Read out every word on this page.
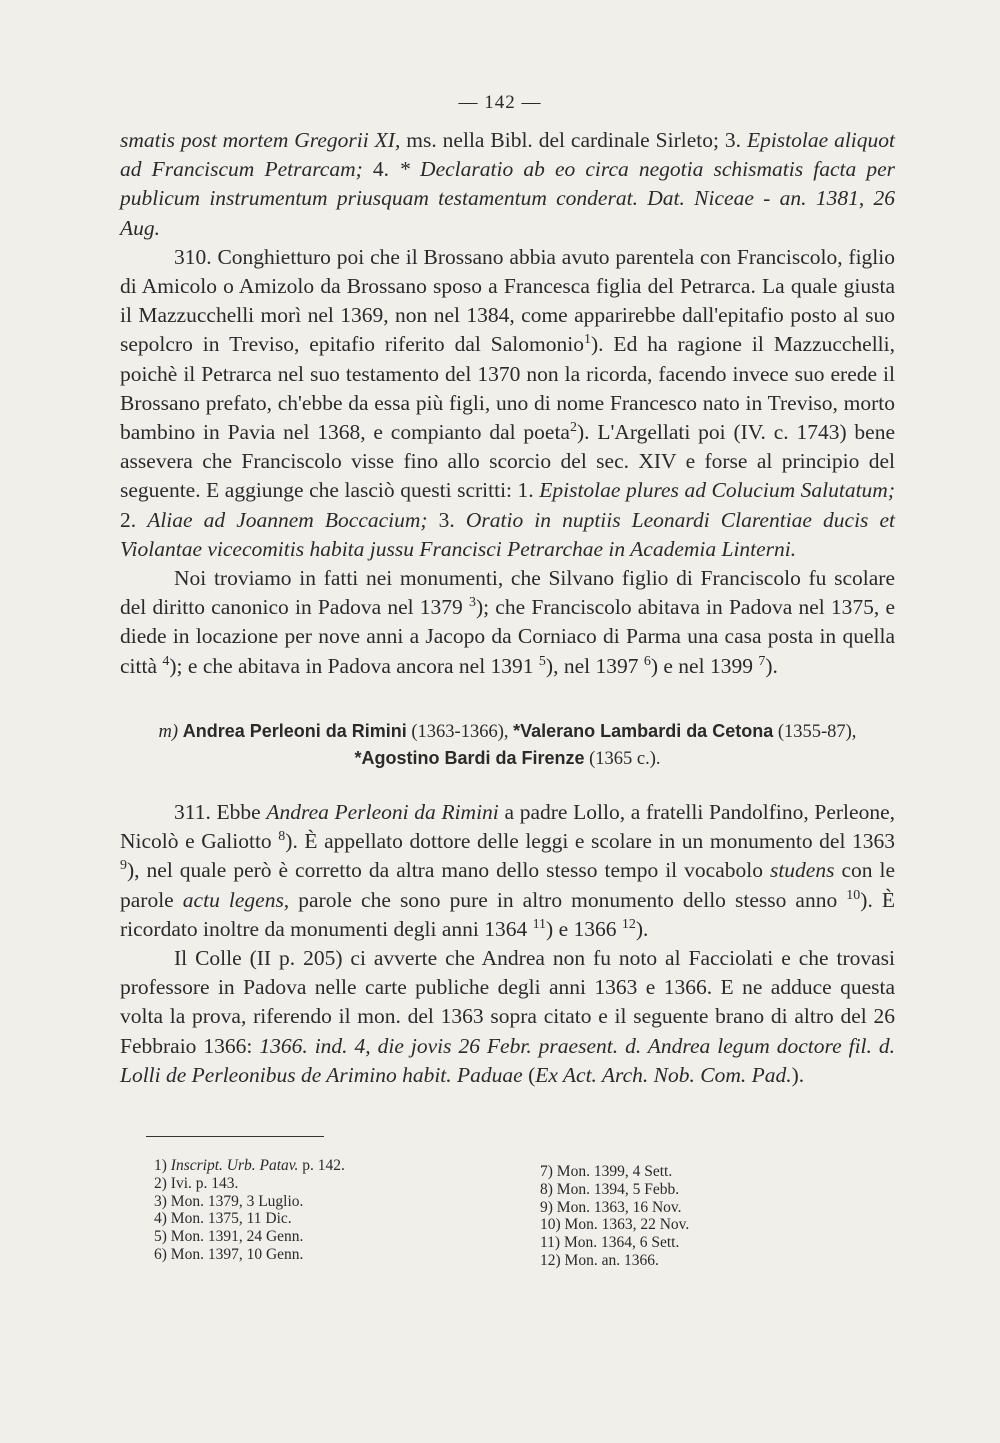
— 142 —

smatis post mortem Gregorii XI, ms. nella Bibl. del cardinale Sirleto; 3. Epistolae aliquot ad Franciscum Petrarcam; 4. * Declaratio ab eo circa negotia schismatis facta per publicum instrumentum priusquam testamentum conderat. Dat. Niceae - an. 1381, 26 Aug.

310. Conghietturo poi che il Brossano abbia avuto parentela con Franciscolo, figlio di Amicolo o Amizolo da Brossano sposo a Francesca figlia del Petrarca. La quale giusta il Mazzucchelli morì nel 1369, non nel 1384, come apparirebbe dall'epitafio posto al suo sepolcro in Treviso, epitafio riferito dal Salomonio$^1$). Ed ha ragione il Mazzucchelli, poichè il Petrarca nel suo testamento del 1370 non la ricorda, facendo invece suo erede il Brossano prefato, ch'ebbe da essa più figli, uno di nome Francesco nato in Treviso, morto bambino in Pavia nel 1368, e compianto dal poeta$^2$). L'Argellati poi (IV. c. 1743) bene assevera che Franciscolo visse fino allo scorcio del sec. XIV e forse al principio del seguente. E aggiunge che lasciò questi scritti: 1. Epistolae plures ad Colucium Salutatum; 2. Aliae ad Joannem Boccacium; 3. Oratio in nuptiis Leonardi Clarentiae ducis et Violantae vicecomitis habita jussu Francisci Petrarchae in Academia Linterni.

Noi troviamo in fatti nei monumenti, che Silvano figlio di Franciscolo fu scolare del diritto canonico in Padova nel 1379 $^3$); che Franciscolo abitava in Padova nel 1375, e diede in locazione per nove anni a Jacopo da Corniaco di Parma una casa posta in quella città $^4$); e che abitava in Padova ancora nel 1391 $^5$), nel 1397 $^6$) e nel 1399 $^7$).

m) Andrea Perleoni da Rimini (1363-1366), *Valerano Lambardi da Cetona (1355-87),
*Agostino Bardi da Firenze (1365 c.).

311. Ebbe Andrea Perleoni da Rimini a padre Lollo, a fratelli Pandolfino, Perleone, Nicolò e Galiotto $^8$). È appellato dottore delle leggi e scolare in un monumento del 1363 $^9$), nel quale però è corretto da altra mano dello stesso tempo il vocabolo studens con le parole actu legens, parole che sono pure in altro monumento dello stesso anno $^{10}$). È ricordato inoltre da monumenti degli anni 1364 $^{11}$) e 1366 $^{12}$).

Il Colle (II p. 205) ci avverte che Andrea non fu noto al Facciolati e che trovasi professore in Padova nelle carte publiche degli anni 1363 e 1366. E ne adduce questa volta la prova, riferendo il mon. del 1363 sopra citato e il seguente brano di altro del 26 Febbraio 1366: 1366. ind. 4, die jovis 26 Febr. praesent. d. Andrea legum doctore fil. d. Lolli de Perleonibus de Arimino habit. Paduae (Ex Act. Arch. Nob. Com. Pad.).

1) Inscript. Urb. Patav. p. 142.
2) Ivi. p. 143.
3) Mon. 1379, 3 Luglio.
4) Mon. 1375, 11 Dic.
5) Mon. 1391, 24 Genn.
6) Mon. 1397, 10 Genn.
7) Mon. 1399, 4 Sett.
8) Mon. 1394, 5 Febb.
9) Mon. 1363, 16 Nov.
10) Mon. 1363, 22 Nov.
11) Mon. 1364, 6 Sett.
12) Mon. an. 1366.
